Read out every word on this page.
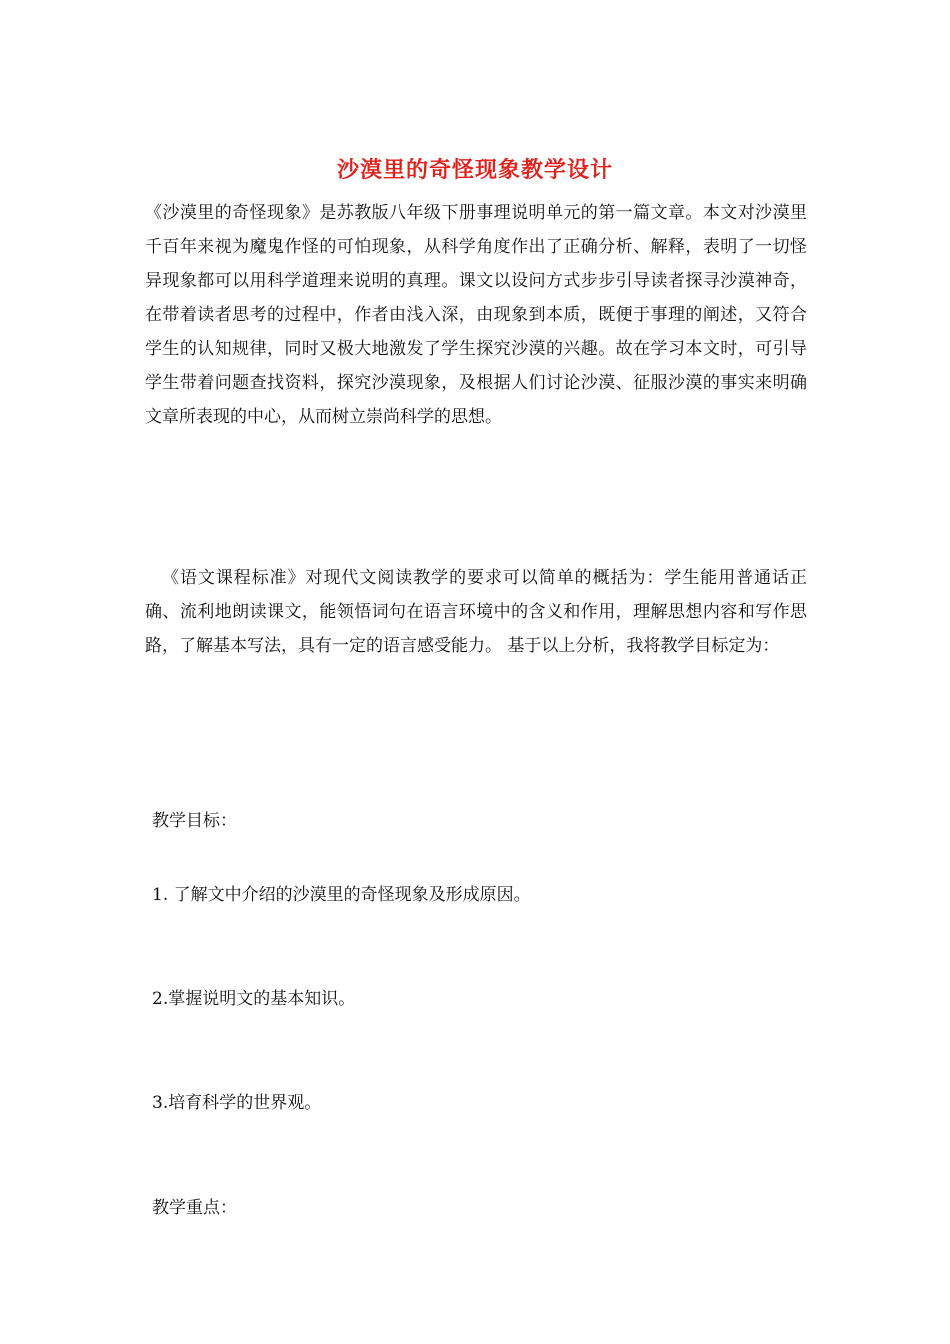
沙漠里的奇怪现象教学设计

《沙漠里的奇怪现象》是苏教版八年级下册事理说明单元的第一篇文章。本文对沙漠里千百年来视为魔鬼作怪的可怕现象，从科学角度作出了正确分析、解释，表明了一切怪异现象都可以用科学道理来说明的真理。课文以设问方式步步引导读者探寻沙漠神奇，在带着读者思考的过程中，作者由浅入深，由现象到本质，既便于事理的阐述，又符合学生的认知规律，同时又极大地激发了学生探究沙漠的兴趣。故在学习本文时，可引导学生带着问题查找资料，探究沙漠现象，及根据人们讨论沙漠、征服沙漠的事实来明确文章所表现的中心，从而树立崇尚科学的思想。

《语文课程标准》对现代文阅读教学的要求可以简单的概括为：学生能用普通话正确、流利地朗读课文，能领悟词句在语言环境中的含义和作用，理解思想内容和写作思路，了解基本写法，具有一定的语言感受能力。 基于以上分析，我将教学目标定为：

教学目标：

1. 了解文中介绍的沙漠里的奇怪现象及形成原因。

2.掌握说明文的基本知识。

3.培育科学的世界观。

教学重点：
